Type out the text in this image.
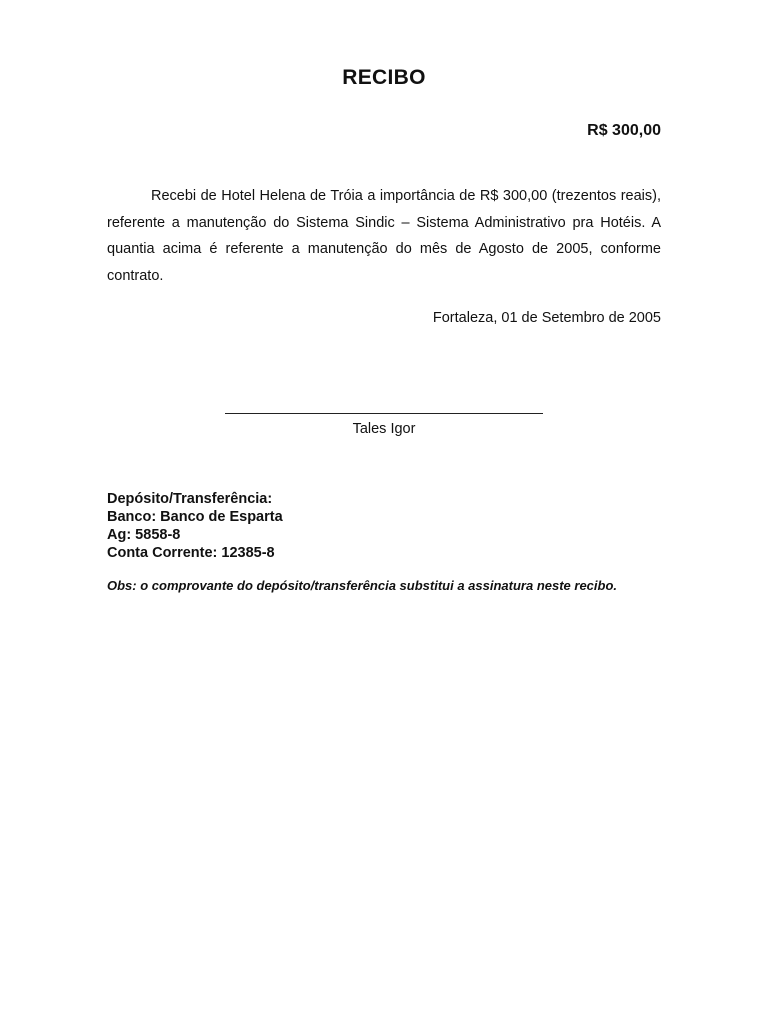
RECIBO
R$ 300,00

Recebi de Hotel Helena de Tróia a importância de R$ 300,00 (trezentos reais), referente a manutenção do Sistema Sindic – Sistema Administrativo pra Hotéis. A quantia acima é referente a manutenção do mês de Agosto de 2005, conforme contrato.

Fortaleza, 01 de Setembro de 2005
Tales Igor
Depósito/Transferência:
Banco: Banco de Esparta
Ag: 5858-8
Conta Corrente: 12385-8
Obs: o comprovante do depósito/transferência substitui a assinatura neste recibo.
